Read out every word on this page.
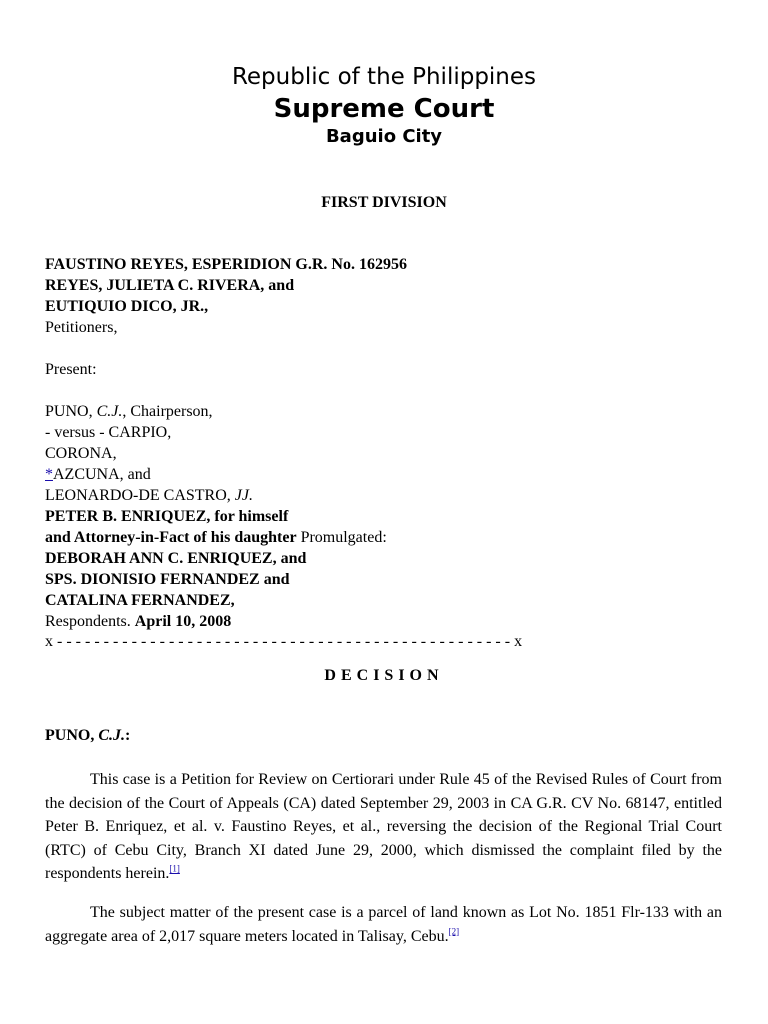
Republic of the Philippines
Supreme Court
Baguio City
FIRST DIVISION
FAUSTINO REYES, ESPERIDION G.R. No. 162956
REYES, JULIETA C. RIVERA, and
EUTIQUIO DICO, JR.,
Petitioners,
Present:
PUNO, C.J., Chairperson,
- versus - CARPIO,
CORONA,
*AZCUNA, and
LEONARDO-DE CASTRO, JJ.
PETER B. ENRIQUEZ, for himself
and Attorney-in-Fact of his daughter Promulgated:
DEBORAH ANN C. ENRIQUEZ, and
SPS. DIONISIO FERNANDEZ and
CATALINA FERNANDEZ,
Respondents. April 10, 2008
x - - - - - - - - - - - - - - - - - - - - - - - - - - - - - - - - - - - - - - - - - - - - - - - - - x
DECISION
PUNO, C.J.:
This case is a Petition for Review on Certiorari under Rule 45 of the Revised Rules of Court from the decision of the Court of Appeals (CA) dated September 29, 2003 in CA G.R. CV No. 68147, entitled Peter B. Enriquez, et al. v. Faustino Reyes, et al., reversing the decision of the Regional Trial Court (RTC) of Cebu City, Branch XI dated June 29, 2000, which dismissed the complaint filed by the respondents herein.[1]
The subject matter of the present case is a parcel of land known as Lot No. 1851 Flr-133 with an aggregate area of 2,017 square meters located in Talisay, Cebu.[2]
